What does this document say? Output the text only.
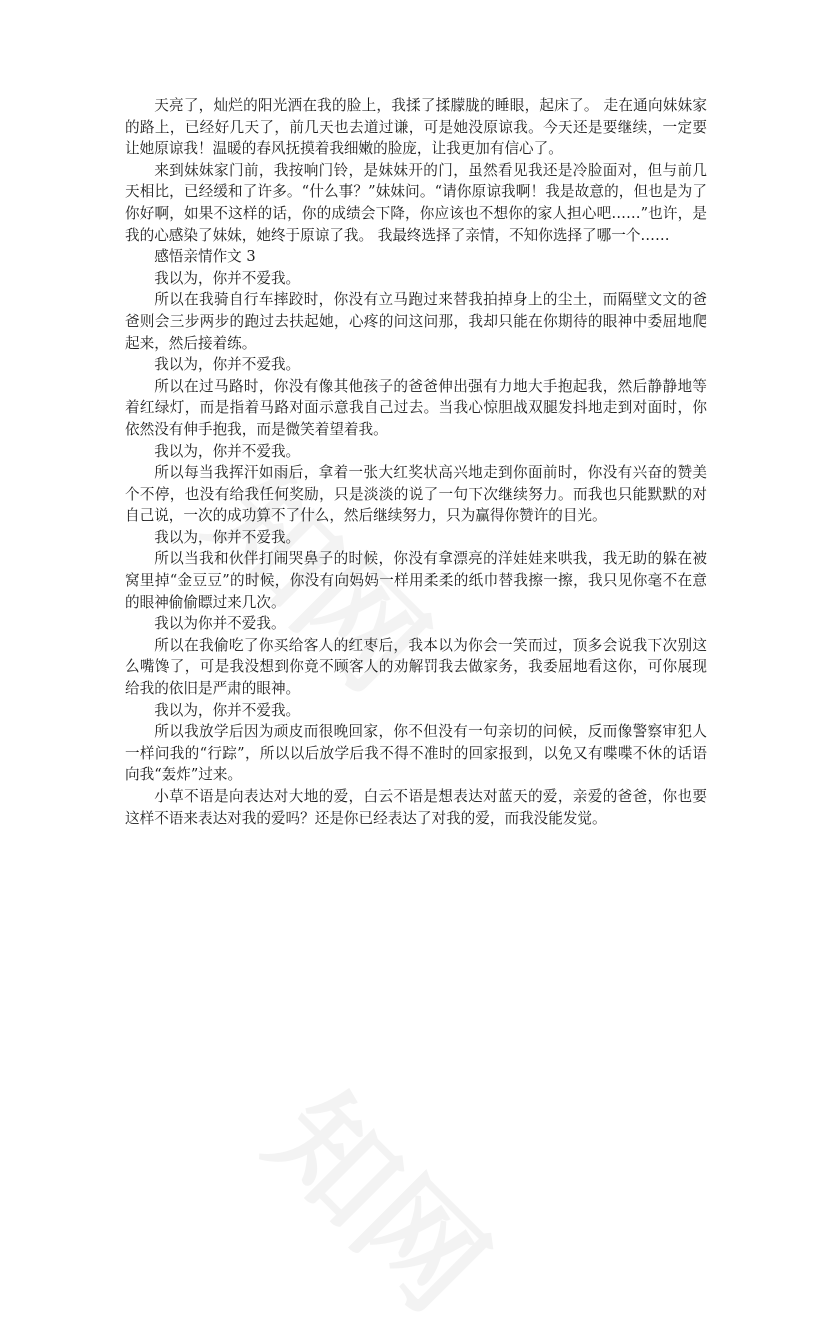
天亮了，灿烂的阳光洒在我的脸上，我揉了揉朦胧的睡眼，起床了。 走在通向妹妹家的路上，已经好几天了，前几天也去道过谦，可是她没原谅我。今天还是要继续，一定要让她原谅我！温暖的春风抚摸着我细嫩的脸庞，让我更加有信心了。

来到妹妹家门前，我按响门铃，是妹妹开的门，虽然看见我还是冷脸面对，但与前几天相比，已经缓和了许多。“什么事？”妹妹问。“请你原谅我啊！我是故意的，但也是为了你好啊，如果不这样的话，你的成绩会下降，你应该也不想你的家人担心吧……”也许，是我的心感染了妹妹，她终于原谅了我。 我最终选择了亲情，不知你选择了哪一个……

感悟亲情作文 3

我以为，你并不爱我。

所以在我骑自行车摔跤时，你没有立马跑过来替我拍掉身上的尘土，而隔壁文文的爸爸则会三步两步的跑过去扶起她，心疼的问这问那，我却只能在你期待的眼神中委屈地爬起来，然后接着练。

我以为，你并不爱我。

所以在过马路时，你没有像其他孩子的爸爸伸出强有力地大手抱起我，然后静静地等着红绿灯，而是指着马路对面示意我自己过去。当我心惊胆战双腿发抖地走到对面时，你依然没有伸手抱我，而是微笑着望着我。

我以为，你并不爱我。

所以每当我挥汗如雨后，拿着一张大红奖状高兴地走到你面前时，你没有兴奋的赞美个不停，也没有给我任何奖励，只是淡淡的说了一句下次继续努力。而我也只能默默的对自己说，一次的成功算不了什么，然后继续努力，只为赢得你赞许的目光。

我以为，你并不爱我。

所以当我和伙伴打闹哭鼻子的时候，你没有拿漂亮的洋娃娃来哄我，我无助的躲在被窝里掉“金豆豆”的时候，你没有向妈妈一样用柔柔的纸巾替我擦一擦，我只见你毫不在意的眼神偷偷瞟过来几次。

我以为你并不爱我。

所以在我偷吃了你买给客人的红枣后，我本以为你会一笑而过，顶多会说我下次别这么嘴馋了，可是我没想到你竟不顾客人的劝解罚我去做家务，我委屈地看这你，可你展现给我的依旧是严肃的眼神。

我以为，你并不爱我。

所以我放学后因为顽皮而很晚回家，你不但没有一句亲切的问候，反而像警察审犯人一样问我的“行踪”，所以以后放学后我不得不准时的回家报到，以免又有喋喋不休的话语向我“轰炸”过来。

小草不语是向表达对大地的爱，白云不语是想表达对蓝天的爱，亲爱的爸爸，你也要这样不语来表达对我的爱吗？还是你已经表达了对我的爱，而我没能发觉。
